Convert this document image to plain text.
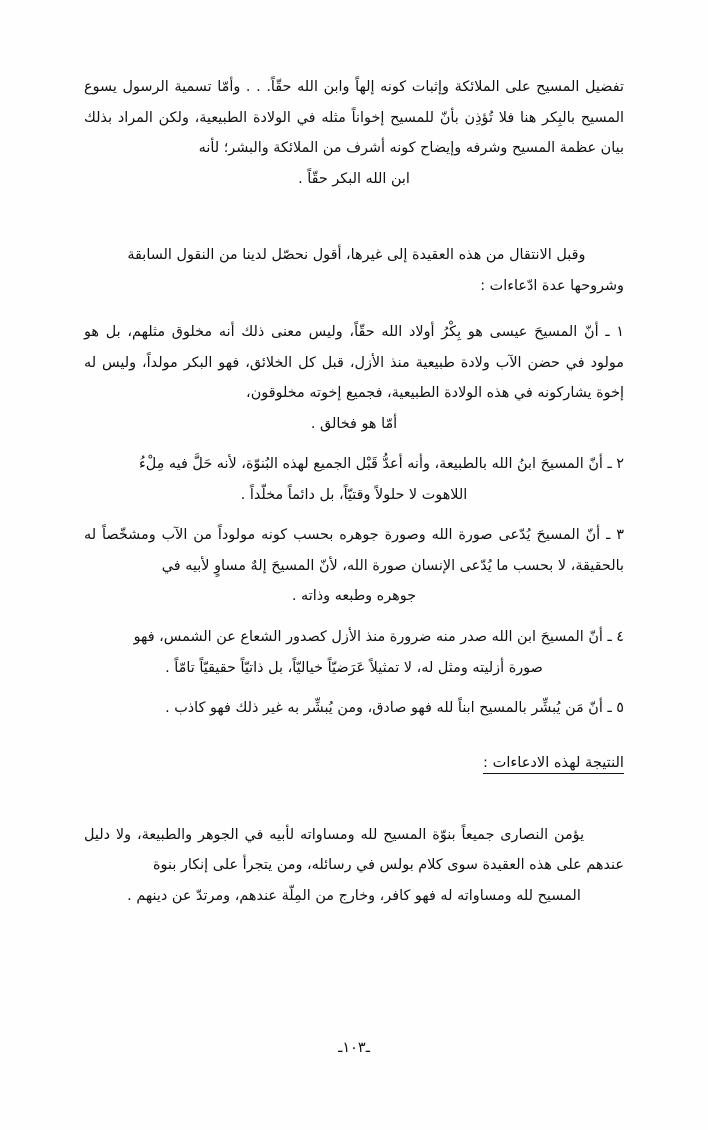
تفضيل المسيح على الملائكة وإثبات كونه إلهاً وابن الله حقّاً. . . وأمّا تسمية الرسول يسوع المسيح بالبِكر هنا فلا تُؤذِن بأنّ للمسيح إخواناً مثله في الولادة الطبيعية، ولكن المراد بذلك بيان عظمة المسيح وشرفه وإيضاح كونه أشرف من الملائكة والبشر؛ لأنه
ابن الله البكر حقّاً .

وقبل الانتقال من هذه العقيدة إلى غيرها، أقول نحصّل لدينا من النقول السابقة
وشروحها عدة ادّعاءات :

١ ـ أنّ المسيحَ عيسى هو بِكْرُ أولاد الله حقّاً، وليس معنى ذلك أنه مخلوق مثلهم، بل هو مولود في حضن الآب ولادة طبيعية منذ الأزل، قبل كل الخلائق، فهو البكر مولداً، وليس له إخوة يشاركونه في هذه الولادة الطبيعية، فجميع إخوته مخلوقون،
أمّا هو فخالق .
٢ ـ أنّ المسيحَ ابنُ الله بالطبيعة، وأنه أعدُّ قَبْل الجميع لهذه البُنوّة، لأنه حَلَّ فيه مِلْءُ
اللاهوت لا حلولاً وقتيّاً، بل دائماً مخلّداً .
٣ ـ أنّ المسيحَ يُدّعى صورة الله وصورة جوهره بحسب كونه مولوداً من الآب ومشخّصاً له بالحقيقة، لا بحسب ما يُدّعى الإنسان صورة الله، لأنّ المسيحَ إلهٌ مساوٍ لأبيه في
جوهره وطبعه وذاته .
٤ ـ أنّ المسيحَ ابن الله صدر منه ضرورة منذ الأزل كصدور الشعاع عن الشمس، فهو
صورة أزليته ومثل له، لا تمثيلاً عَرَضيّاً خياليّاً، بل ذاتيّاً حقيقيّاً تامّاً .
٥ ـ أنّ مَن يُبشِّر بالمسيح ابناً لله فهو صادق، ومن يُبشِّر به غير ذلك فهو كاذب .

النتيجة لهذه الادعاءات :

يؤمن النصارى جميعاً بنوّة المسيح لله ومساواته لأبيه في الجوهر والطبيعة، ولا دليل عندهم على هذه العقيدة سوى كلام بولس في رسائله، ومن يتجرأ على إنكار بنوة
المسيح لله ومساواته له فهو كافر، وخارج من المِلّة عندهم، ومرتدّ عن دينهم .

ـ١٠٣ـ
